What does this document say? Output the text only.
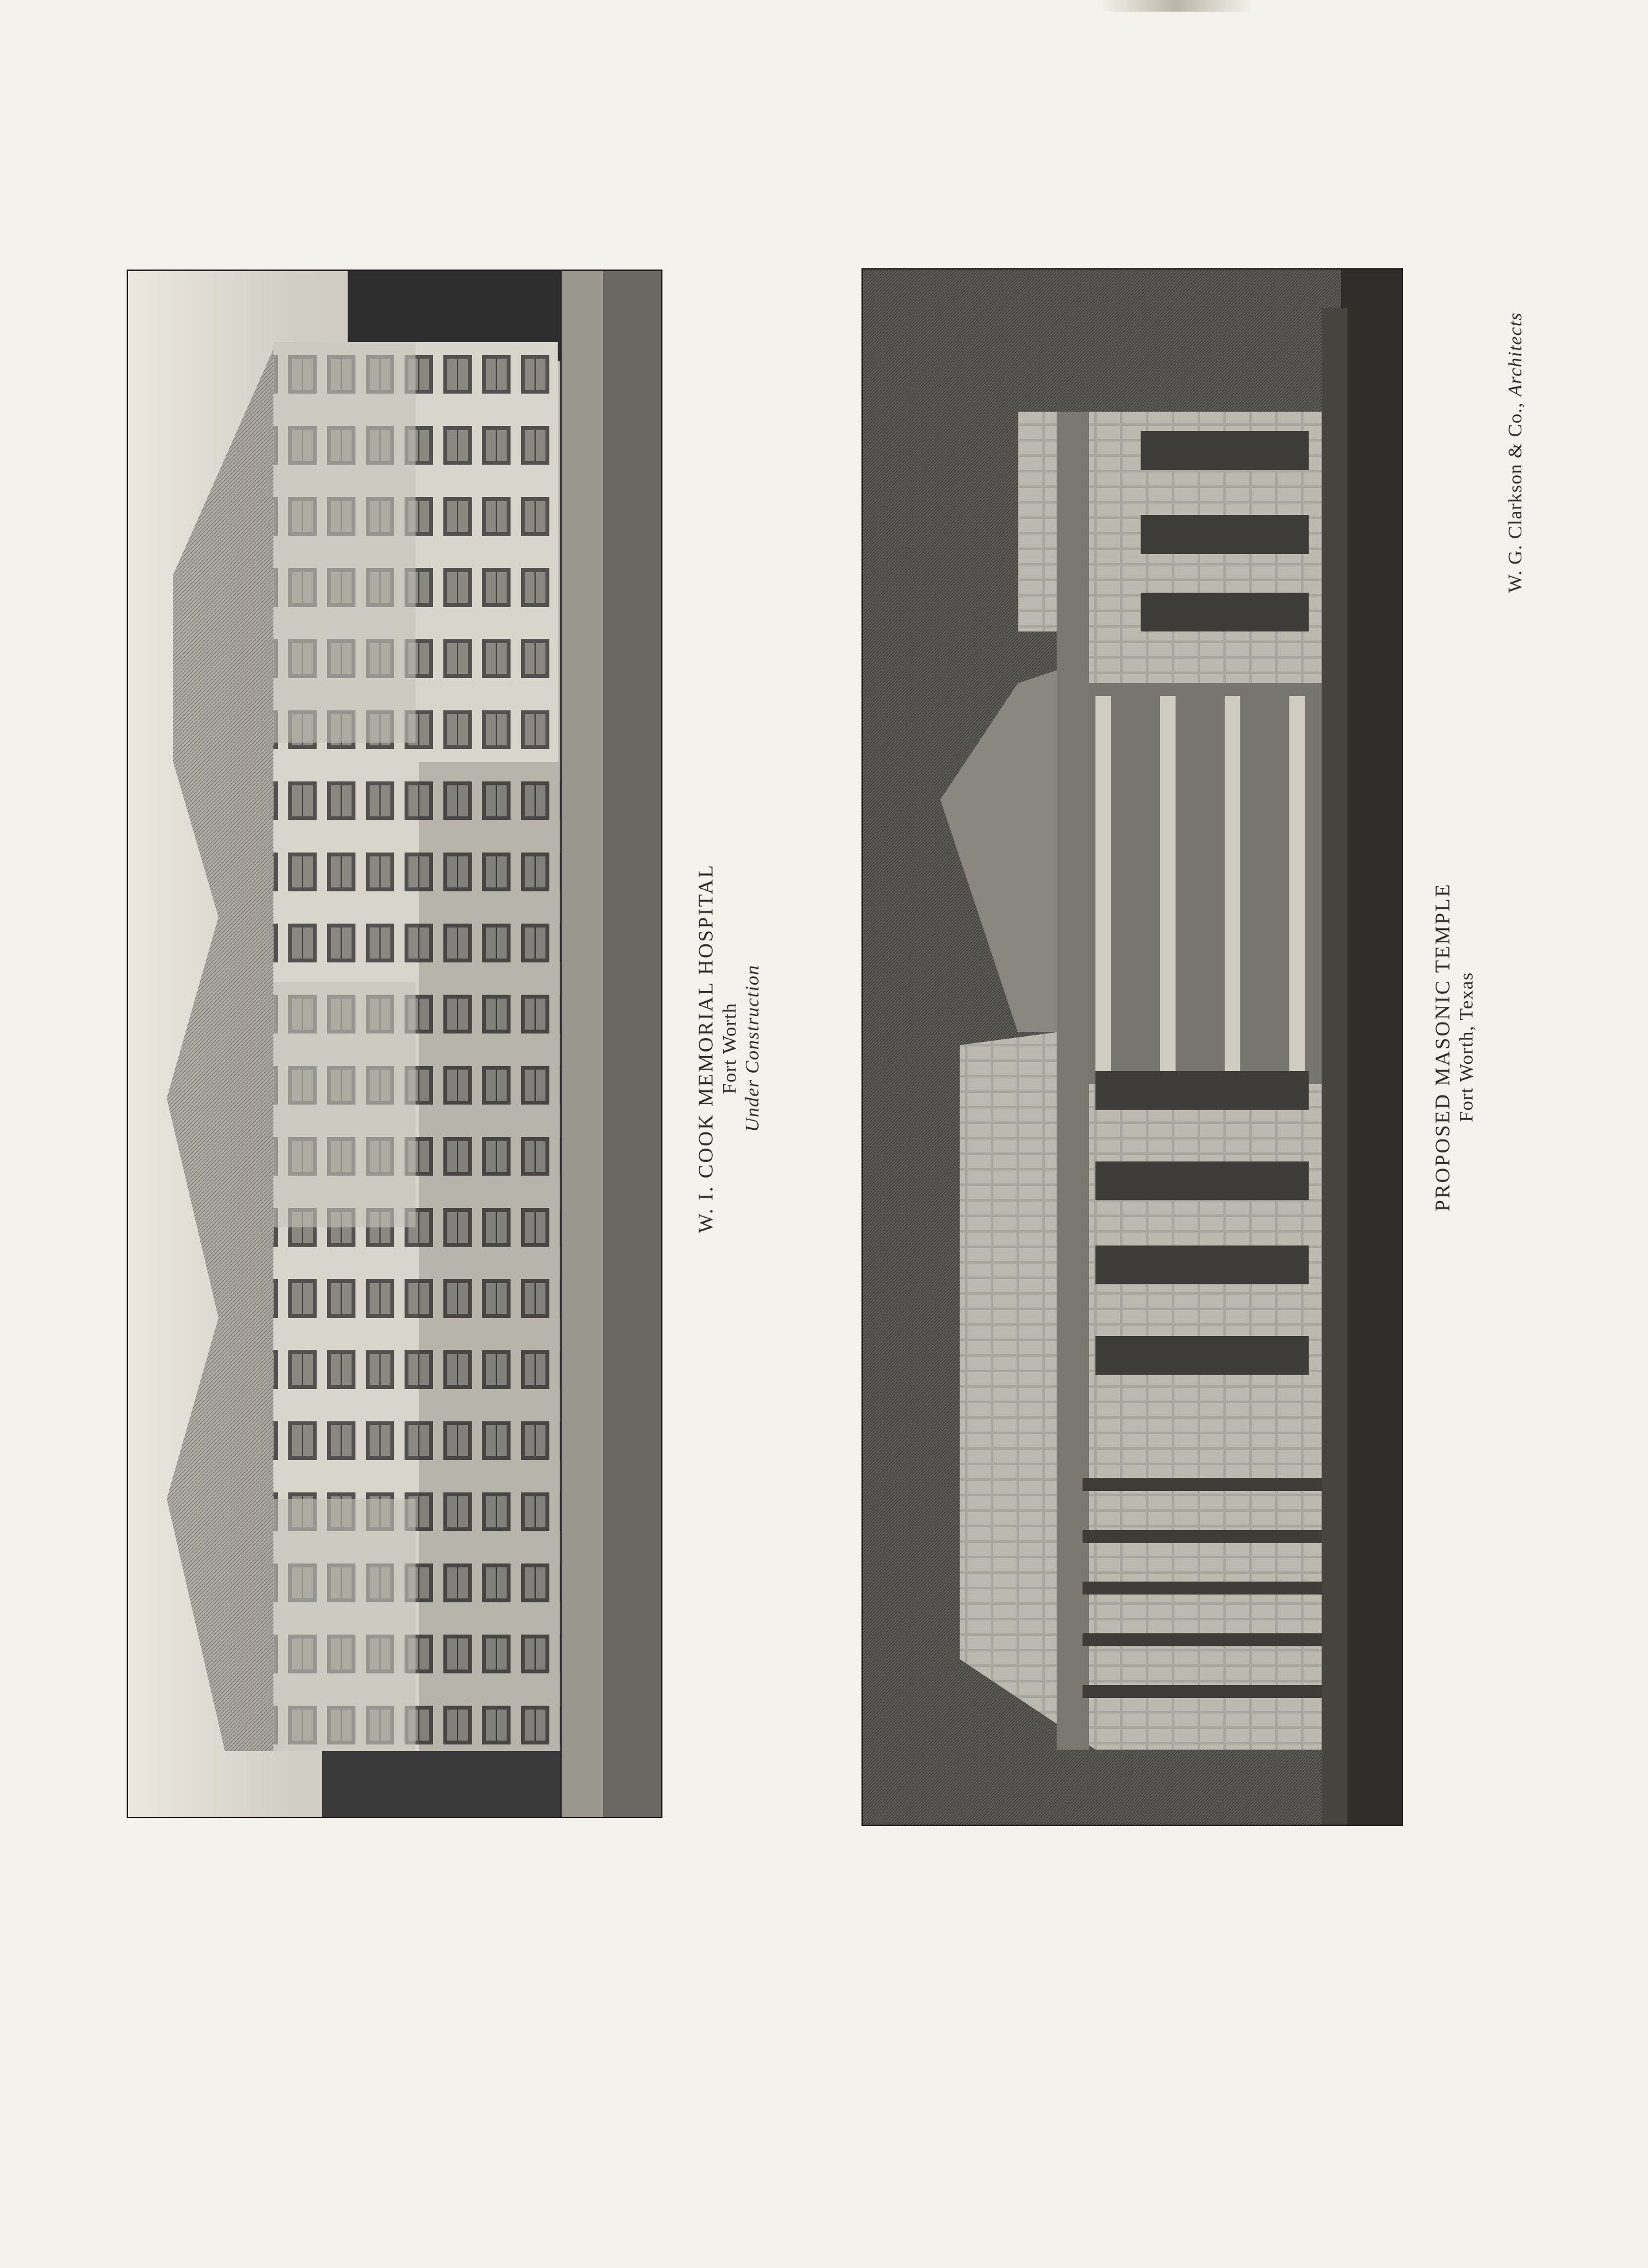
W. I. COOK MEMORIAL HOSPITAL Fort Worth Under Construction	PROPOSED MASONIC TEMPLE Fort Worth, Texas
W. G. Clarkson & Co., Architects
